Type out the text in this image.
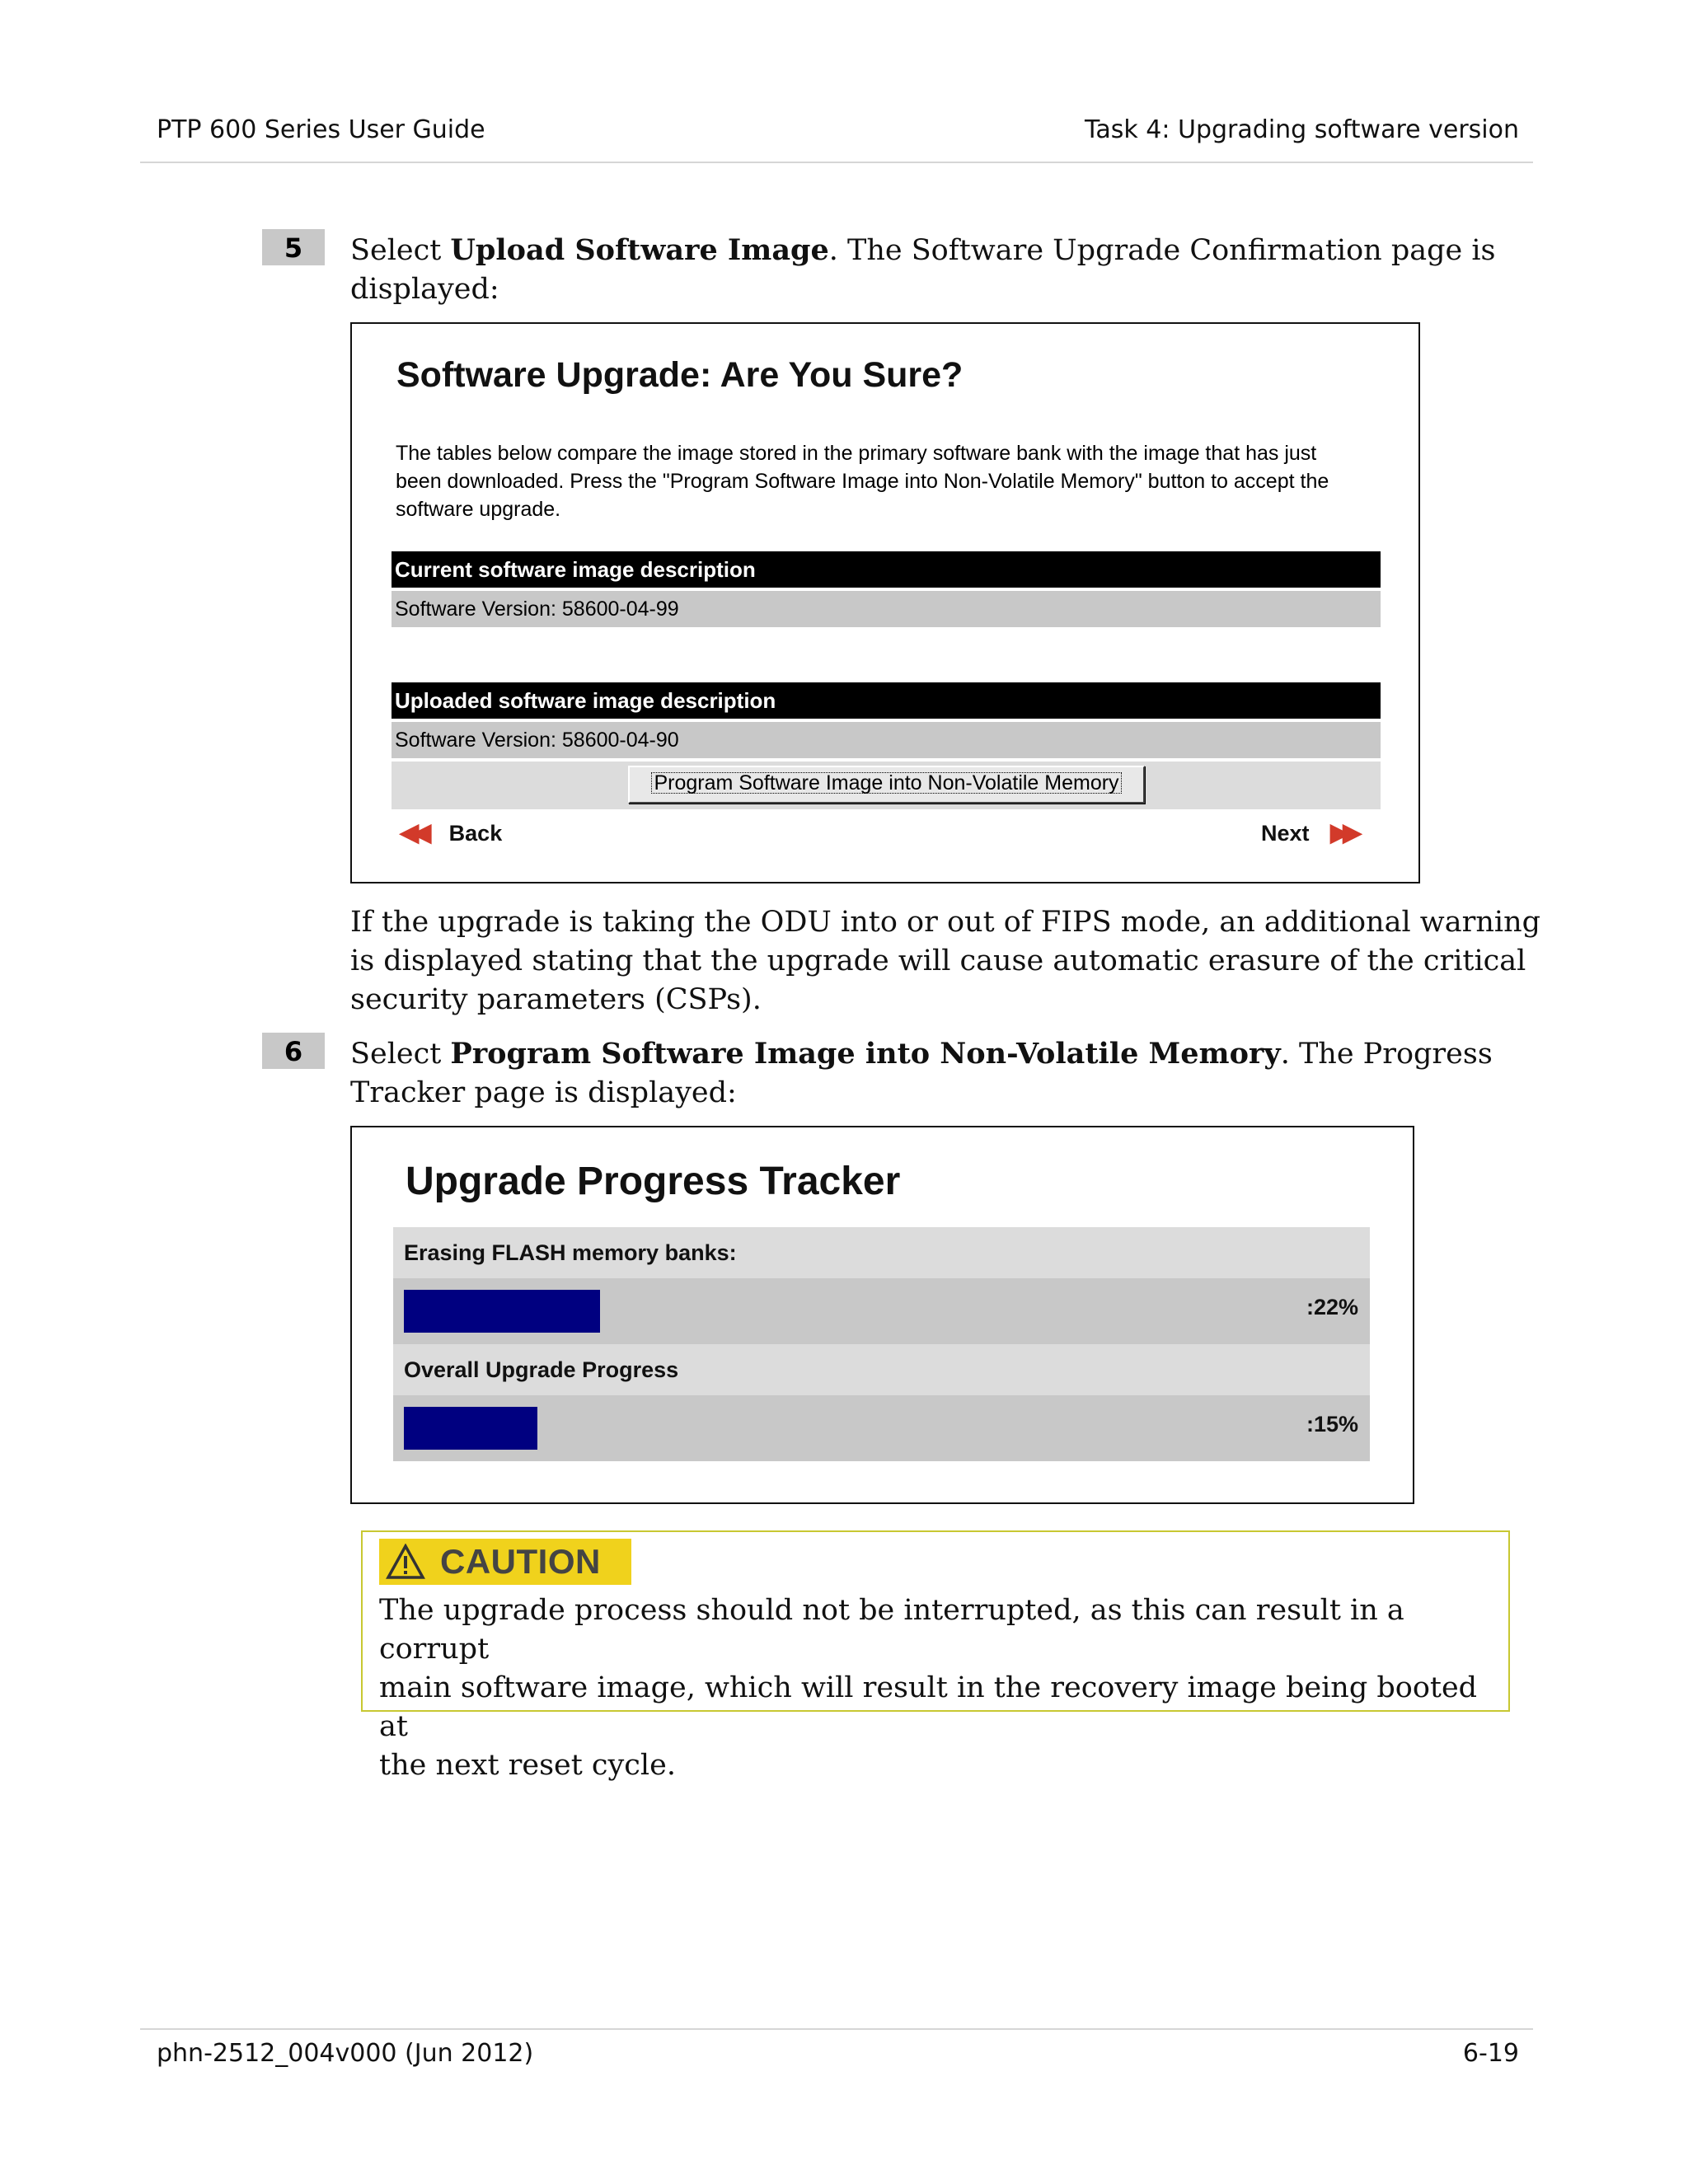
PTP 600 Series User Guide	Task 4: Upgrading software version
5	Select Upload Software Image. The Software Upgrade Confirmation page is
displayed:
Software Upgrade: Are You Sure?
The tables below compare the image stored in the primary software bank with the image that has just
been downloaded. Press the "Program Software Image into Non-Volatile Memory" button to accept the
software upgrade.
Current software image description
Software Version: 58600-04-99
Uploaded software image description
Software Version: 58600-04-90
Program Software Image into Non-Volatile Memory
◀◀ Back	Next ▶▶
If the upgrade is taking the ODU into or out of FIPS mode, an additional warning
is displayed stating that the upgrade will cause automatic erasure of the critical
security parameters (CSPs).
6	Select Program Software Image into Non-Volatile Memory. The Progress
Tracker page is displayed:
Upgrade Progress Tracker
Erasing FLASH memory banks:
:22%
Overall Upgrade Progress
:15%
CAUTION
The upgrade process should not be interrupted, as this can result in a corrupt
main software image, which will result in the recovery image being booted at
the next reset cycle.
phn-2512_004v000 (Jun 2012)	6-19
